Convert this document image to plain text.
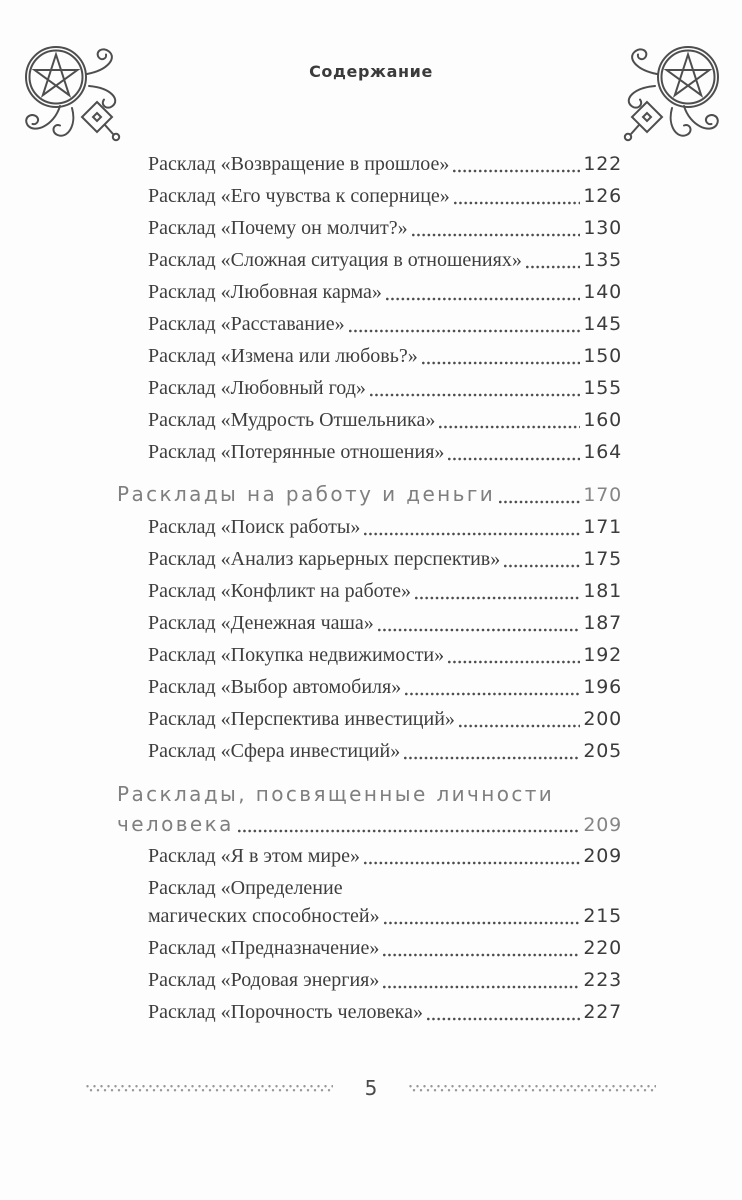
Содержание
Расклад «Возвращение в прошлое»	122
Расклад «Его чувства к сопернице»	126
Расклад «Почему он молчит?»	130
Расклад «Сложная ситуация в отношениях»	135
Расклад «Любовная карма»	140
Расклад «Расставание»	145
Расклад «Измена или любовь?»	150
Расклад «Любовный год»	155
Расклад «Мудрость Отшельника»	160
Расклад «Потерянные отношения»	164
Расклады на работу и деньги	170
Расклад «Поиск работы»	171
Расклад «Анализ карьерных перспектив»	175
Расклад «Конфликт на работе»	181
Расклад «Денежная чаша»	187
Расклад «Покупка недвижимости»	192
Расклад «Выбор автомобиля»	196
Расклад «Перспектива инвестиций»	200
Расклад «Сфера инвестиций»	205
Расклады, посвященные личности
человека	209
Расклад «Я в этом мире»	209
Расклад «Определение
магических способностей»	215
Расклад «Предназначение»	220
Расклад «Родовая энергия»	223
Расклад «Порочность человека»	227
5
